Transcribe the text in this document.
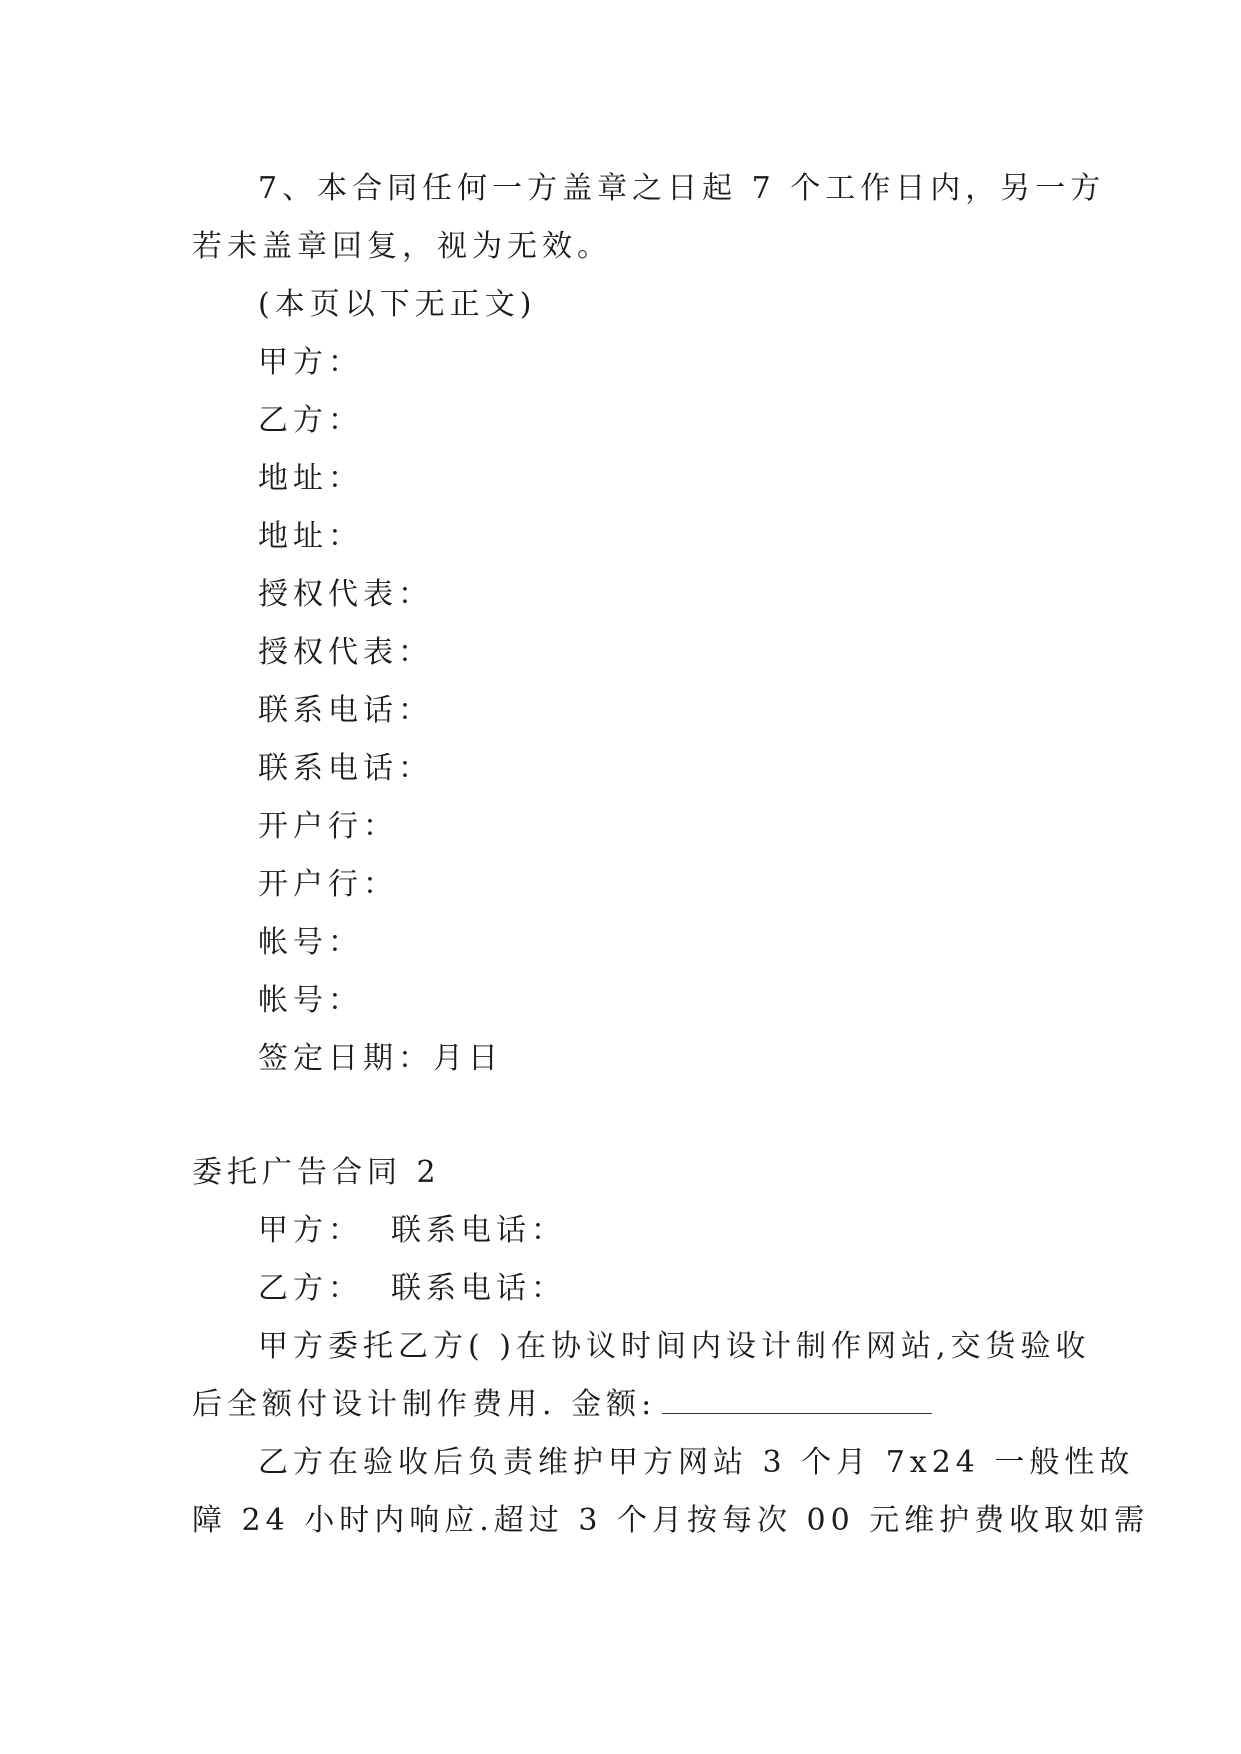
7、本合同任何一方盖章之日起 7 个工作日内，另一方
若未盖章回复，视为无效。
(本页以下无正文)
甲方：
乙方：
地址：
地址：
授权代表：
授权代表：
联系电话：
联系电话：
开户行：
开户行：
帐号：
帐号：
签定日期：月日
委托广告合同 2
甲方： 联系电话：
乙方： 联系电话：
甲方委托乙方( )在协议时间内设计制作网站,交货验收
后全额付设计制作费用. 金额:
乙方在验收后负责维护甲方网站 3 个月 7x24 一般性故
障 24 小时内响应.超过 3 个月按每次 00 元维护费收取如需
